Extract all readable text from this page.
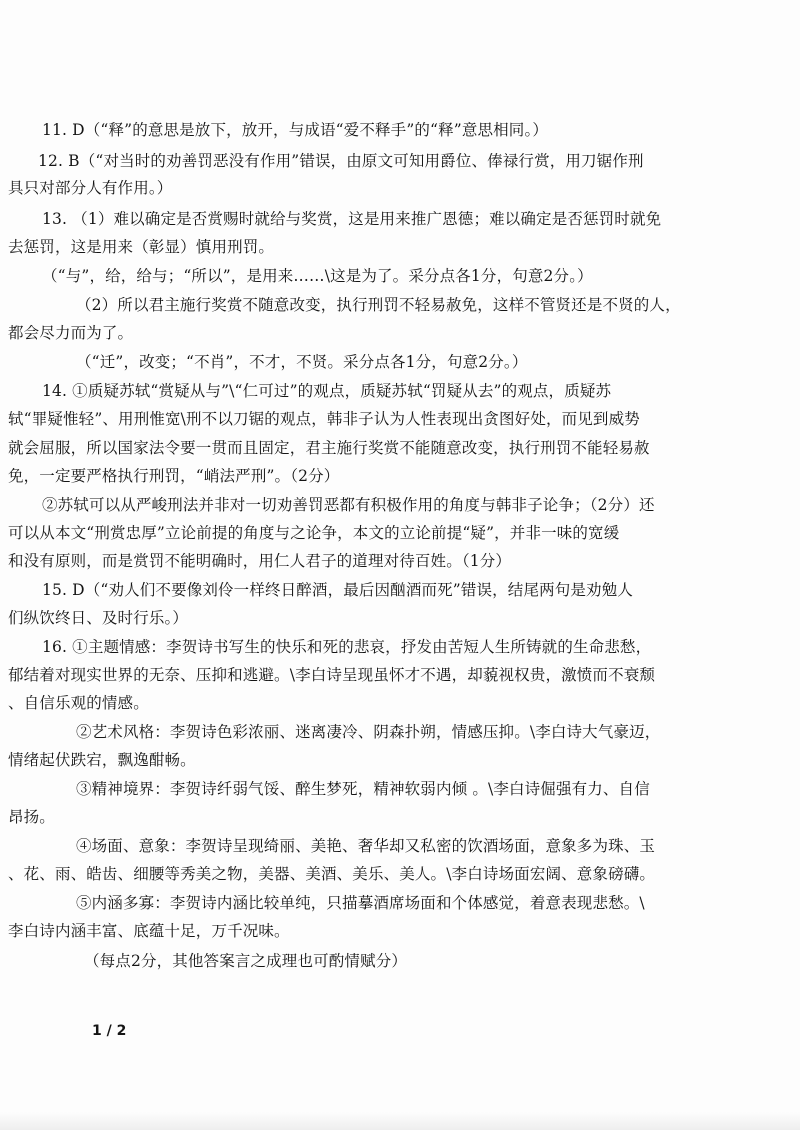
11. D（“释”的意思是放下，放开，与成语“爱不释手”的“释”意思相同。）
12. B（“对当时的劝善罚恶没有作用”错误，由原文可知用爵位、俸禄行赏，用刀锯作刑
具只对部分人有作用。）
13. （1）难以确定是否赏赐时就给与奖赏，这是用来推广恩德；难以确定是否惩罚时就免
去惩罚，这是用来（彰显）慎用刑罚。
（“与”，给，给与；“所以”，是用来……\这是为了。采分点各1分，句意2分。）
（2）所以君主施行奖赏不随意改变，执行刑罚不轻易赦免，这样不管贤还是不贤的人，
都会尽力而为了。
（“迁”，改变；“不肖”，不才，不贤。采分点各1分，句意2分。）
14. ①质疑苏轼“赏疑从与”\“仁可过”的观点，质疑苏轼“罚疑从去”的观点，质疑苏
轼“罪疑惟轻”、用刑惟宽\刑不以刀锯的观点，韩非子认为人性表现出贪图好处，而见到威势
就会屈服，所以国家法令要一贯而且固定，君主施行奖赏不能随意改变，执行刑罚不能轻易赦
免，一定要严格执行刑罚，“峭法严刑”。（2分）
②苏轼可以从严峻刑法并非对一切劝善罚恶都有积极作用的角度与韩非子论争；（2分）还
可以从本文“刑赏忠厚”立论前提的角度与之论争，本文的立论前提“疑”，并非一味的宽缓
和没有原则，而是赏罚不能明确时，用仁人君子的道理对待百姓。（1分）
15. D（“劝人们不要像刘伶一样终日醉酒，最后因酗酒而死”错误，结尾两句是劝勉人
们纵饮终日、及时行乐。）
16. ①主题情感：李贺诗书写生的快乐和死的悲哀，抒发由苦短人生所铸就的生命悲愁，
郁结着对现实世界的无奈、压抑和逃避。\李白诗呈现虽怀才不遇，却藐视权贵，激愤而不衰颓
、自信乐观的情感。
②艺术风格：李贺诗色彩浓丽、迷离凄冷、阴森扑朔，情感压抑。\李白诗大气豪迈，
情绪起伏跌宕，飘逸酣畅。
③精神境界：李贺诗纤弱气馁、醉生梦死，精神软弱内倾 。\李白诗倔强有力、自信
昂扬。
④场面、意象：李贺诗呈现绮丽、美艳、奢华却又私密的饮酒场面，意象多为珠、玉
、花、雨、皓齿、细腰等秀美之物，美器、美酒、美乐、美人。\李白诗场面宏阔、意象磅礴。
⑤内涵多寡：李贺诗内涵比较单纯，只描摹酒席场面和个体感觉，着意表现悲愁。\
李白诗内涵丰富、底蕴十足，万千况味。
（每点2分，其他答案言之成理也可酌情赋分）
1 / 2
